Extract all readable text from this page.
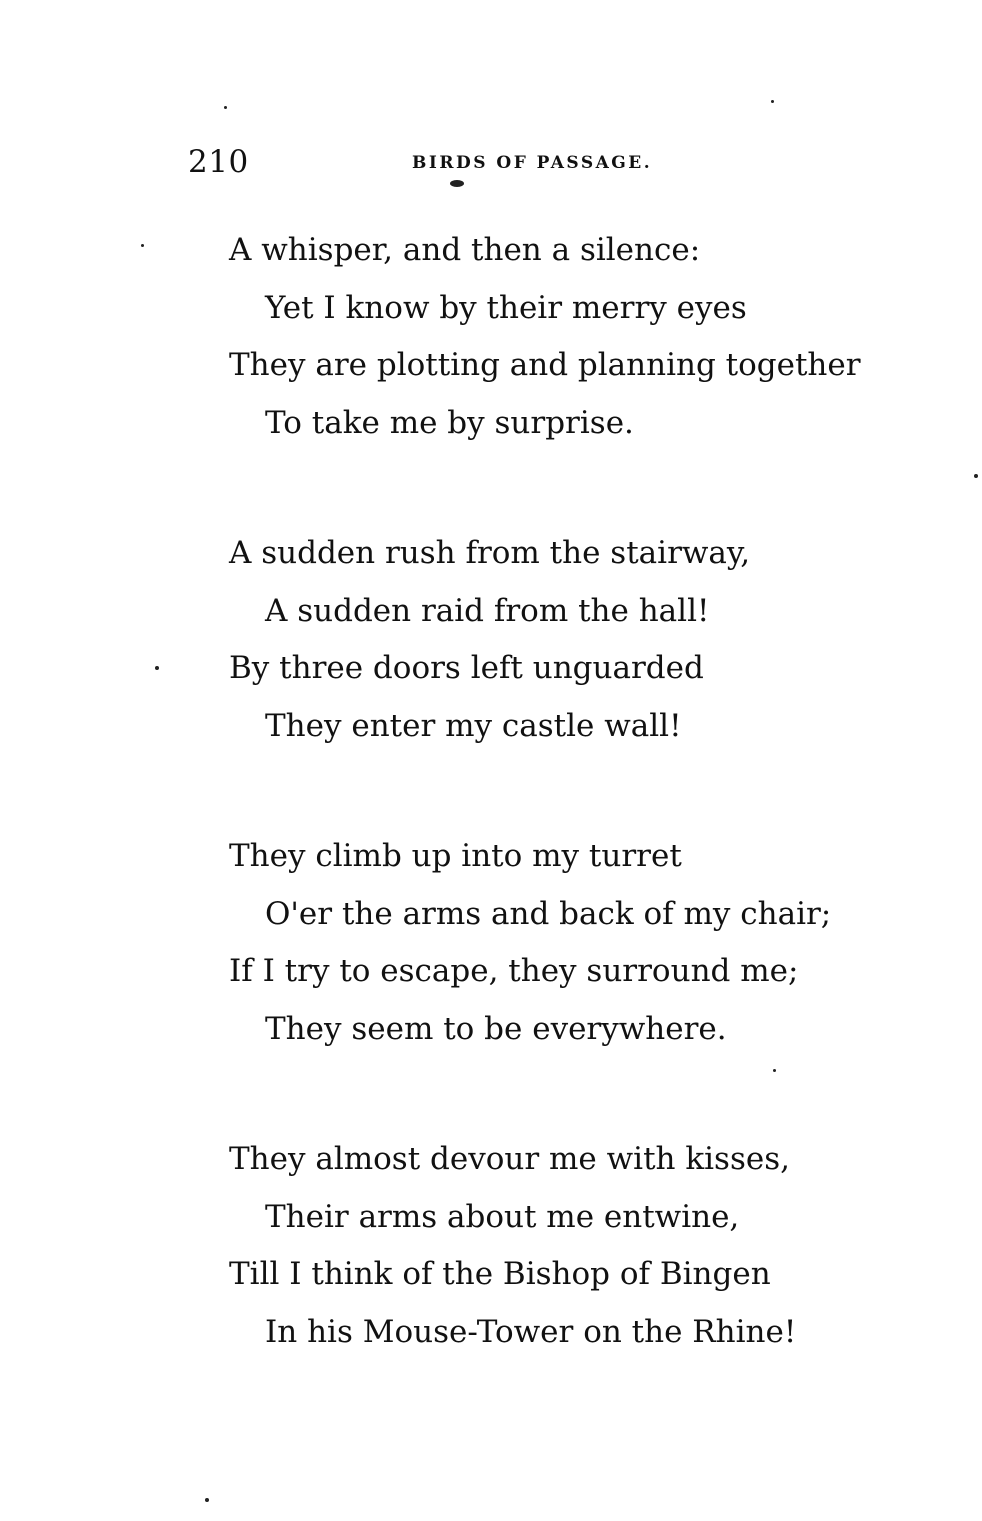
210	BIRDS OF PASSAGE.
A whisper, and then a silence:
Yet I know by their merry eyes
They are plotting and planning together
To take me by surprise.
A sudden rush from the stairway,
A sudden raid from the hall!
By three doors left unguarded
They enter my castle wall!
They climb up into my turret
O'er the arms and back of my chair;
If I try to escape, they surround me;
They seem to be everywhere.
They almost devour me with kisses,
Their arms about me entwine,
Till I think of the Bishop of Bingen
In his Mouse-Tower on the Rhine!
